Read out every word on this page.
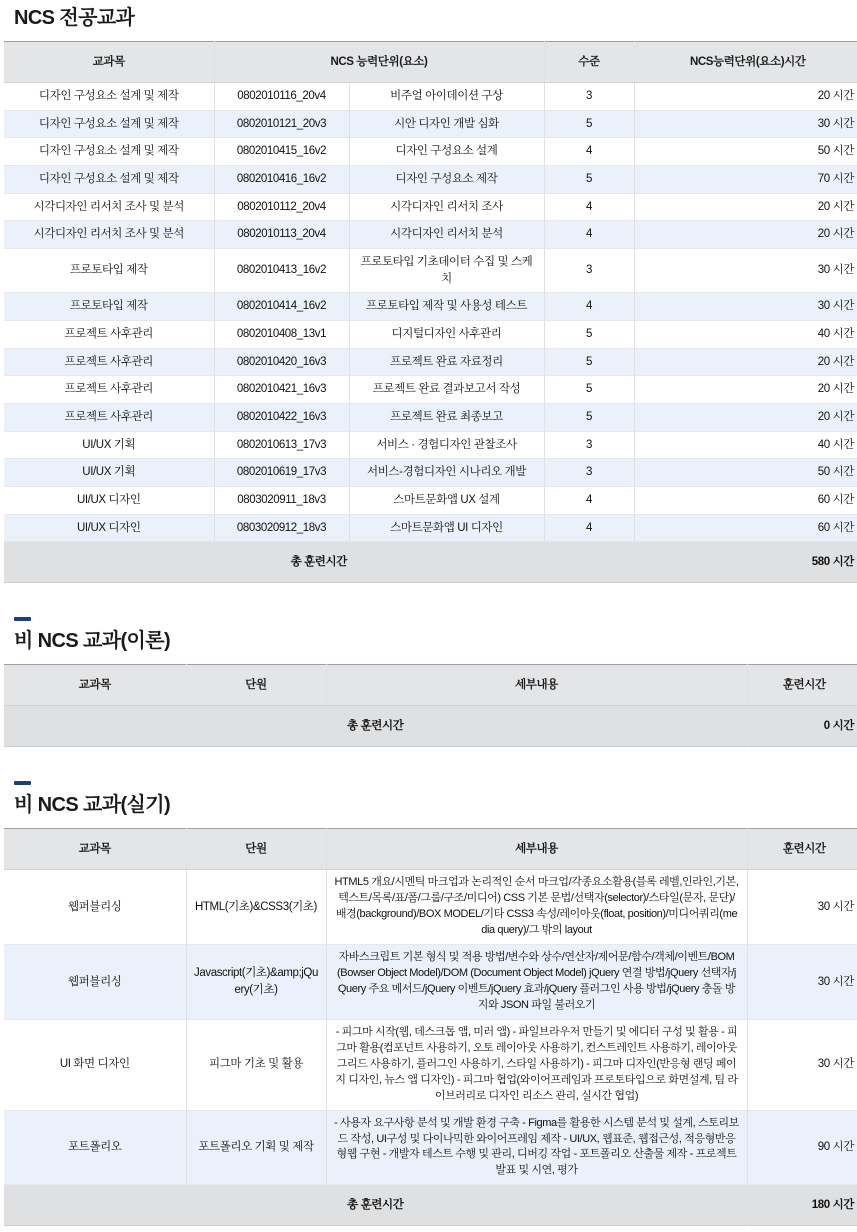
NCS 전공교과
교과목	NCS 능력단위(요소)		수준	NCS능력단위(요소)시간
디자인 구성요소 설계 및 제작	0802010116_20v4	비주얼 아이데이션 구상	3	20 시간
디자인 구성요소 설계 및 제작	0802010121_20v3	시안 디자인 개발 심화	5	30 시간
디자인 구성요소 설계 및 제작	0802010415_16v2	디자인 구성요소 설계	4	50 시간
디자인 구성요소 설계 및 제작	0802010416_16v2	디자인 구성요소 제작	5	70 시간
시각디자인 리서치 조사 및 분석	0802010112_20v4	시각디자인 리서치 조사	4	20 시간
시각디자인 리서치 조사 및 분석	0802010113_20v4	시각디자인 리서치 분석	4	20 시간
프로토타입 제작	0802010413_16v2	프로토타입 기초데이터 수집 및 스케치	3	30 시간
프로토타입 제작	0802010414_16v2	프로토타입 제작 및 사용성 테스트	4	30 시간
프로젝트 사후관리	0802010408_13v1	디지털디자인 사후관리	5	40 시간
프로젝트 사후관리	0802010420_16v3	프로젝트 완료 자료정리	5	20 시간
프로젝트 사후관리	0802010421_16v3	프로젝트 완료 결과보고서 작성	5	20 시간
프로젝트 사후관리	0802010422_16v3	프로젝트 완료 최종보고	5	20 시간
UI/UX 기획	0802010613_17v3	서비스 · 경험디자인 관찰조사	3	40 시간
UI/UX 기획	0802010619_17v3	서비스-경험디자인 시나리오 개발	3	50 시간
UI/UX 디자인	0803020911_18v3	스마트문화앱 UX 설계	4	60 시간
UI/UX 디자인	0803020912_18v3	스마트문화앱 UI 디자인	4	60 시간
총 훈련시간				580 시간
비 NCS 교과(이론)
교과목	단원	세부내용	훈련시간
총 훈련시간			0 시간
비 NCS 교과(실기)
교과목	단원	세부내용	훈련시간
웹퍼블리싱	HTML(기초)&CSS3(기초)	HTML5 개요/시멘틱 마크업과 논리적인 순서 마크업/각종요소활용(블록 레벨,인라인,기본,텍스트/목록/표/폼/그룹/구조/미디어) CSS 기본 문법/선택자(selector)/스타일(문자, 문단)/배경(background)/BOX MODEL/기타 CSS3 속성/레이아웃(float, position)/미디어쿼리(media query)/그 밖의 layout	30 시간
웹퍼블리싱	Javascript(기초)&amp;jQuery(기초)	자바스크립트 기본 형식 및 적용 방법/변수와 상수/연산자/제어문/함수/객체/이벤트/BOM (Bowser Object Model)/DOM (Document Object Model) jQuery 연결 방법/jQuery 선택자/jQuery 주요 메서드/jQuery 이벤트/jQuery 효과/jQuery 플러그인 사용 방법/jQuery 충돌 방지와 JSON 파일 불러오기	30 시간
UI 화면 디자인	피그마 기초 및 활용	- 피그마 시작(웹, 데스크톱 앱, 미러 앱) - 파일브라우저 만들기 및 에디터 구성 및 활용 - 피그마 활용(컴포넌트 사용하기, 오토 레이아웃 사용하기, 컨스트레인트 사용하기, 레이아웃 그리드 사용하기, 플러그인 사용하기, 스타일 사용하기) - 피그마 디자인(반응형 랜딩 페이지 디자인, 뉴스 앱 디자인) - 피그마 협업(와이어프레임과 프로토타입으로 화면설계, 팀 라이브러리로 디자인 리소스 관리, 실시간 협업)	30 시간
포트폴리오	포트폴리오 기획 및 제작	- 사용자 요구사항 분석 및 개발 환경 구축 - Figma를 활용한 시스템 분석 및 설계, 스토리보드 작성, UI구성 및 다이나믹한 와이어프레임 제작 - UI/UX, 웹표준, 웹접근성, 적응형반응형웹 구현 - 개발자 테스트 수행 및 관리, 디버깅 작업 - 포트폴리오 산출물 제작 - 프로젝트 발표 및 시연, 평가	90 시간
총 훈련시간			180 시간
